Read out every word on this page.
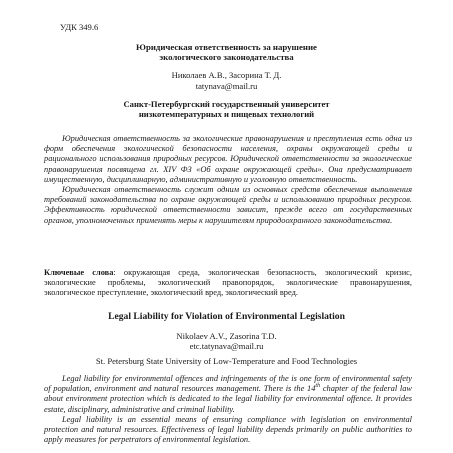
УДК 349.6
Юридическая ответственность за нарушение
экологического законодательства
Николаев А.В., Засорина Т. Д.
tatynava@mail.ru
Санкт-Петербургский государственный университет
низкотемпературных и пищевых технологий

Юридическая ответственность за экологические правонарушения и преступления есть одна из форм обеспечения экологической безопасности населения, охраны окружающей среды и рационального использования природных ресурсов. Юридической ответственности за экологические правонарушения посвящена гл. XIV ФЗ «Об охране окружающей среды». Она предусматривает имущественную, дисциплинарную, административную и уголовную ответственность.

Юридическая ответственность служит одним из основных средств обеспечения выполнения требований законодательства по охране окружающей среды и использованию природных ресурсов. Эффективность юридической ответственности зависит, прежде всего от государственных органов, уполномоченных применять меры к нарушителям природоохранного законодательства.

Ключевые слова: окружающая среда, экологическая безопасность, экологический кризис, экологические проблемы, экологический правопорядок, экологические правонарушения, экологическое преступление, экологический вред, экологический вред.
Legal Liability for Violation of Environmental Legislation
Nikolaev A.V., Zasorina T.D.
etc.tatynava@mail.ru
St. Petersburg State University of Low-Temperature and Food Technologies

Legal liability for environmental offences and infringements of the is one form of environmental safety of population, environment and natural resources management. There is the 14th chapter of the federal law about environment protection which is dedicated to the legal liability for environmental offence. It provides estate, disciplinary, administrative and criminal liability.

Legal liability is an essential means of ensuring compliance with legislation on environmental protection and natural resources. Effectiveness of legal liability depends primarily on public authorities to apply measures for perpetrators of environmental legislation.
